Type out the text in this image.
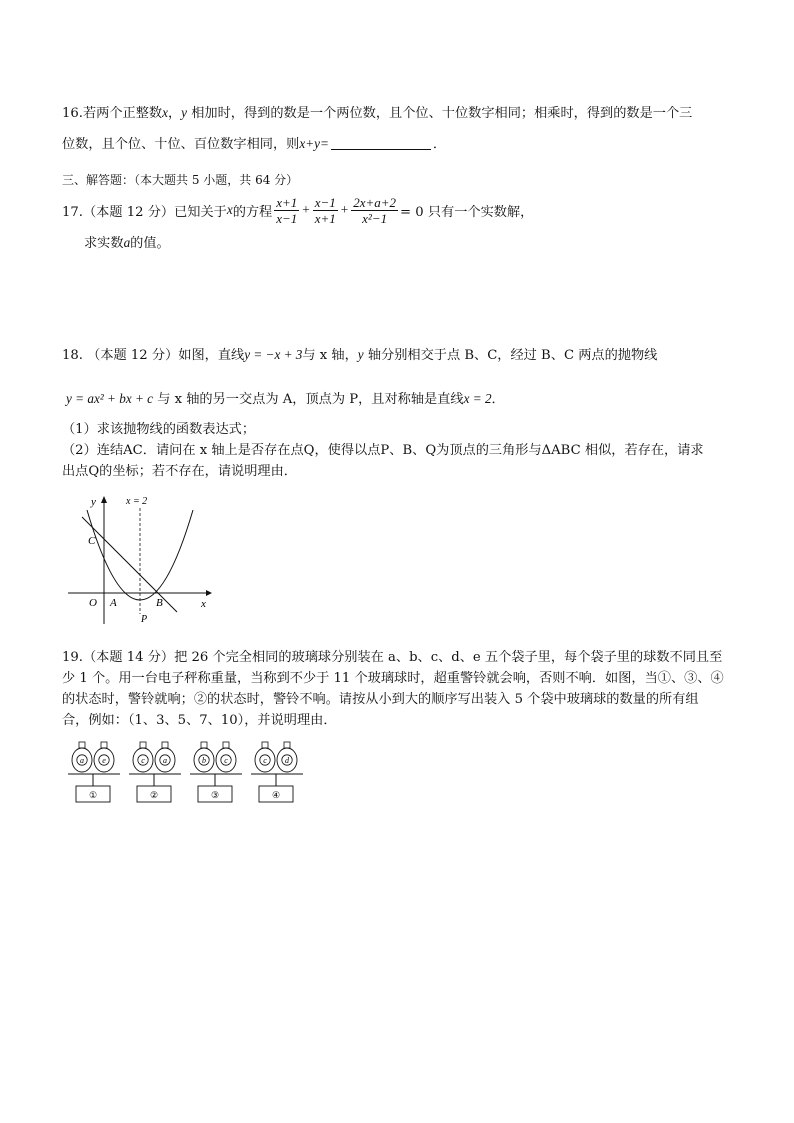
16.若两个正整数x，y 相加时，得到的数是一个两位数，且个位、十位数字相同；相乘时，得到的数是一个三
位数，且个位、十位、百位数字相同，则x+y=	．
三、解答题：（本大题共 5 小题，共 64 分）
17.（本题 12 分）已知关于 x 的方程 $\frac{x+1}{x-1} + \frac{x-1}{x+1} + \frac{2x+a+2}{\text{x²−1}} = 0$ 只有一个实数解，
求实数a的值。
18. （本题 12 分）如图，直线y = −x + 3与 x 轴，y 轴分别相交于点 B、C，经过 B、C 两点的抛物线
y = ax² + bx + c 与 x 轴的另一交点为 A，顶点为 P，且对称轴是直线x = 2．
（1）求该抛物线的函数表达式；
（2）连结AC．请问在 x 轴上是否存在点Q，使得以点P、B、Q为顶点的三角形与ΔABC 相似，若存在，请求
出点Q的坐标；若不存在，请说明理由．
y	x = 2
C
O A	B
P
x
19.（本题 14 分）把 26 个完全相同的玻璃球分别装在 a、b、c、d、e 五个袋子里，每个袋子里的球数不同且至
少 1 个。用一台电子秤称重量，当称到不少于 11 个玻璃球时，超重警铃就会响，否则不响．如图，当①、③、④
的状态时，警铃就响；②的状态时，警铃不响。请按从小到大的顺序写出装入 5 个袋中玻璃球的数量的所有组
合，例如：（1、3、5、7、10），并说明理由．
a e
①
c a
②
b c
③
c d
④
